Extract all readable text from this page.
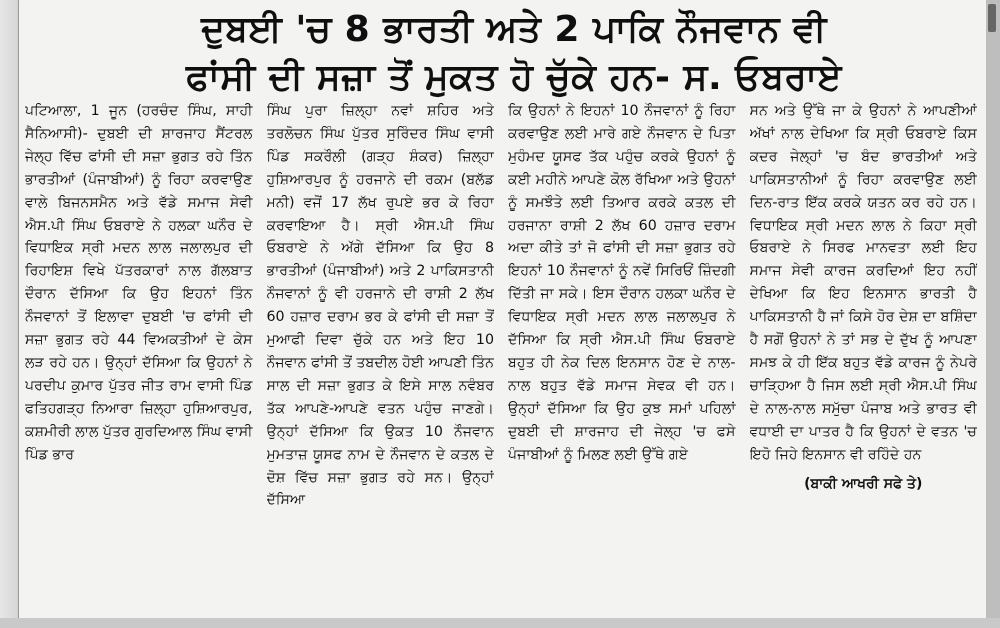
ਦੁਬਈ 'ਚ 8 ਭਾਰਤੀ ਅਤੇ 2 ਪਾਕਿ ਨੌਜਵਾਨ ਵੀ
ਫਾਂਸੀ ਦੀ ਸਜ਼ਾ ਤੋਂ ਮੁਕਤ ਹੋ ਚੁੱਕੇ ਹਨ- ਸ. ਓਬਰਾਏ

ਪਟਿਆਲਾ, 1 ਜੂਨ (ਹਰਚੰਦ ਸਿੰਘ, ਸਾਹੀ ਸੈਨਿਆਸੀ)- ਦੁਬਈ ਦੀ ਸ਼ਾਰਜਾਹ ਸੈਂਟਰਲ ਜੇਲ੍ਹ ਵਿੱਚ ਫਾਂਸੀ ਦੀ ਸਜ਼ਾ ਭੁਗਤ ਰਹੇ ਤਿੰਨ ਭਾਰਤੀਆਂ (ਪੰਜਾਬੀਆਂ) ਨੂੰ ਰਿਹਾ ਕਰਵਾਉਣ ਵਾਲੇ ਬਿਜਨਸਮੈਨ ਅਤੇ ਵੱਡੇ ਸਮਾਜ ਸੇਵੀ ਐਸ.ਪੀ ਸਿੰਘ ਓਬਰਾਏ ਨੇ ਹਲਕਾ ਘਨੌਰ ਦੇ ਵਿਧਾਇਕ ਸ੍ਰੀ ਮਦਨ ਲਾਲ ਜਲਾਲਪੁਰ ਦੀ ਰਿਹਾਇਸ਼ ਵਿਖੇ ਪੱਤਰਕਾਰਾਂ ਨਾਲ ਗੱਲਬਾਤ ਦੌਰਾਨ ਦੱਸਿਆ ਕਿ ਉਹ ਇਹਨਾਂ ਤਿੰਨ ਨੌਜਵਾਨਾਂ ਤੋਂ ਇਲਾਵਾ ਦੁਬਈ 'ਚ ਫਾਂਸੀ ਦੀ ਸਜ਼ਾ ਭੁਗਤ ਰਹੇ 44 ਵਿਅਕਤੀਆਂ ਦੇ ਕੇਸ ਲੜ ਰਹੇ ਹਨ। ਉਨ੍ਹਾਂ ਦੱਸਿਆ ਕਿ ਉਹਨਾਂ ਨੇ ਪਰਦੀਪ ਕੁਮਾਰ ਪੁੱਤਰ ਜੀਤ ਰਾਮ ਵਾਸੀ ਪਿੰਡ ਫਤਿਹਗੜ੍ਹ ਨਿਆਰਾ ਜ਼ਿਲ੍ਹਾ ਹੁਸ਼ਿਆਰਪੁਰ, ਕਸ਼ਮੀਰੀ ਲਾਲ ਪੁੱਤਰ ਗੁਰਦਿਆਲ ਸਿੰਘ ਵਾਸੀ ਪਿੰਡ ਭਾਰ

ਸਿੰਘ ਪੁਰਾ ਜ਼ਿਲ੍ਹਾ ਨਵਾਂ ਸ਼ਹਿਰ ਅਤੇ ਤਰਲੋਚਨ ਸਿੰਘ ਪੁੱਤਰ ਸੁਰਿੰਦਰ ਸਿੰਘ ਵਾਸੀ ਪਿੰਡ ਸਕਰੌਲੀ (ਗੜ੍ਹ ਸ਼ੰਕਰ) ਜ਼ਿਲ੍ਹਾ ਹੁਸ਼ਿਆਰਪੁਰ ਨੂੰ ਹਰਜਾਨੇ ਦੀ ਰਕਮ (ਬਲੱਡ ਮਨੀ) ਵਜੋਂ 17 ਲੱਖ ਰੁਪਏ ਭਰ ਕੇ ਰਿਹਾ ਕਰਵਾਇਆ ਹੈ। ਸ੍ਰੀ ਐਸ.ਪੀ ਸਿੰਘ ਓਬਰਾਏ ਨੇ ਅੱਗੇ ਦੱਸਿਆ ਕਿ ਉਹ 8 ਭਾਰਤੀਆਂ (ਪੰਜਾਬੀਆਂ) ਅਤੇ 2 ਪਾਕਿਸਤਾਨੀ ਨੌਜਵਾਨਾਂ ਨੂੰ ਵੀ ਹਰਜਾਨੇ ਦੀ ਰਾਸ਼ੀ 2 ਲੱਖ 60 ਹਜ਼ਾਰ ਦਰਾਮ ਭਰ ਕੇ ਫਾਂਸੀ ਦੀ ਸਜ਼ਾ ਤੋਂ ਮੁਆਫੀ ਦਿਵਾ ਚੁੱਕੇ ਹਨ ਅਤੇ ਇਹ 10 ਨੌਜਵਾਨ ਫਾਂਸੀ ਤੋਂ ਤਬਦੀਲ ਹੋਈ ਆਪਣੀ ਤਿੰਨ ਸਾਲ ਦੀ ਸਜ਼ਾ ਭੁਗਤ ਕੇ ਇਸੇ ਸਾਲ ਨਵੰਬਰ ਤੱਕ ਆਪਣੇ-ਆਪਣੇ ਵਤਨ ਪਹੁੰਚ ਜਾਣਗੇ। ਉਨ੍ਹਾਂ ਦੱਸਿਆ ਕਿ ਉਕਤ 10 ਨੌਜਵਾਨ ਮੁਮਤਾਜ਼ ਯੂਸਫ ਨਾਮ ਦੇ ਨੌਜਵਾਨ ਦੇ ਕਤਲ ਦੇ ਦੋਸ਼ ਵਿੱਚ ਸਜ਼ਾ ਭੁਗਤ ਰਹੇ ਸਨ। ਉਨ੍ਹਾਂ ਦੱਸਿਆ

ਕਿ ਉਹਨਾਂ ਨੇ ਇਹਨਾਂ 10 ਨੌਜਵਾਨਾਂ ਨੂੰ ਰਿਹਾ ਕਰਵਾਉਣ ਲਈ ਮਾਰੇ ਗਏ ਨੌਜਵਾਨ ਦੇ ਪਿਤਾ ਮੁਹੰਮਦ ਯੂਸਫ ਤੱਕ ਪਹੁੰਚ ਕਰਕੇ ਉਹਨਾਂ ਨੂੰ ਕਈ ਮਹੀਨੇ ਆਪਣੇ ਕੋਲ ਰੱਖਿਆ ਅਤੇ ਉਹਨਾਂ ਨੂੰ ਸਮਝੌਤੇ ਲਈ ਤਿਆਰ ਕਰਕੇ ਕਤਲ ਦੀ ਹਰਜਾਨਾ ਰਾਸ਼ੀ 2 ਲੱਖ 60 ਹਜ਼ਾਰ ਦਰਾਮ ਅਦਾ ਕੀਤੇ ਤਾਂ ਜੋ ਫਾਂਸੀ ਦੀ ਸਜ਼ਾ ਭੁਗਤ ਰਹੇ ਇਹਨਾਂ 10 ਨੌਜਵਾਨਾਂ ਨੂੰ ਨਵੇਂ ਸਿਰਿਓਂ ਜ਼ਿੰਦਗੀ ਦਿੱਤੀ ਜਾ ਸਕੇ। ਇਸ ਦੌਰਾਨ ਹਲਕਾ ਘਨੌਰ ਦੇ ਵਿਧਾਇਕ ਸ੍ਰੀ ਮਦਨ ਲਾਲ ਜਲਾਲਪੁਰ ਨੇ ਦੱਸਿਆ ਕਿ ਸ੍ਰੀ ਐਸ.ਪੀ ਸਿੰਘ ਓਬਰਾਏ ਬਹੁਤ ਹੀ ਨੇਕ ਦਿਲ ਇਨਸਾਨ ਹੋਣ ਦੇ ਨਾਲ-ਨਾਲ ਬਹੁਤ ਵੱਡੇ ਸਮਾਜ ਸੇਵਕ ਵੀ ਹਨ। ਉਨ੍ਹਾਂ ਦੱਸਿਆ ਕਿ ਉਹ ਕੁਝ ਸਮਾਂ ਪਹਿਲਾਂ ਦੁਬਈ ਦੀ ਸ਼ਾਰਜਾਹ ਦੀ ਜੇਲ੍ਹ 'ਚ ਫਸੇ ਪੰਜਾਬੀਆਂ ਨੂੰ ਮਿਲਣ ਲਈ ਉੱਥੇ ਗਏ

ਸਨ ਅਤੇ ਉੱਥੇ ਜਾ ਕੇ ਉਹਨਾਂ ਨੇ ਆਪਣੀਆਂ ਅੱਖਾਂ ਨਾਲ ਦੇਖਿਆ ਕਿ ਸ੍ਰੀ ਓਬਰਾਏ ਕਿਸ ਕਦਰ ਜੇਲ੍ਹਾਂ 'ਚ ਬੰਦ ਭਾਰਤੀਆਂ ਅਤੇ ਪਾਕਿਸਤਾਨੀਆਂ ਨੂੰ ਰਿਹਾ ਕਰਵਾਉਣ ਲਈ ਦਿਨ-ਰਾਤ ਇੱਕ ਕਰਕੇ ਯਤਨ ਕਰ ਰਹੇ ਹਨ। ਵਿਧਾਇਕ ਸ੍ਰੀ ਮਦਨ ਲਾਲ ਨੇ ਕਿਹਾ ਸ੍ਰੀ ਓਬਰਾਏ ਨੇ ਸਿਰਫ ਮਾਨਵਤਾ ਲਈ ਇਹ ਸਮਾਜ ਸੇਵੀ ਕਾਰਜ ਕਰਦਿਆਂ ਇਹ ਨਹੀਂ ਦੇਖਿਆ ਕਿ ਇਹ ਇਨਸਾਨ ਭਾਰਤੀ ਹੈ ਪਾਕਿਸਤਾਨੀ ਹੈ ਜਾਂ ਕਿਸੇ ਹੋਰ ਦੇਸ਼ ਦਾ ਬਸ਼ਿੰਦਾ ਹੈ ਸਗੋਂ ਉਹਨਾਂ ਨੇ ਤਾਂ ਸਭ ਦੇ ਦੁੱਖ ਨੂੰ ਆਪਣਾ ਸਮਝ ਕੇ ਹੀ ਇੱਕ ਬਹੁਤ ਵੱਡੇ ਕਾਰਜ ਨੂੰ ਨੇਪਰੇ ਚਾੜ੍ਹਿਆ ਹੈ ਜਿਸ ਲਈ ਸ੍ਰੀ ਐਸ.ਪੀ ਸਿੰਘ ਦੇ ਨਾਲ-ਨਾਲ ਸਮੁੱਚਾ ਪੰਜਾਬ ਅਤੇ ਭਾਰਤ ਵੀ ਵਧਾਈ ਦਾ ਪਾਤਰ ਹੈ ਕਿ ਉਹਨਾਂ ਦੇ ਵਤਨ 'ਚ ਇਹੋ ਜਿਹੇ ਇਨਸਾਨ ਵੀ ਰਹਿੰਦੇ ਹਨ

(ਬਾਕੀ ਆਖਰੀ ਸਫੇ ਤੇ)
